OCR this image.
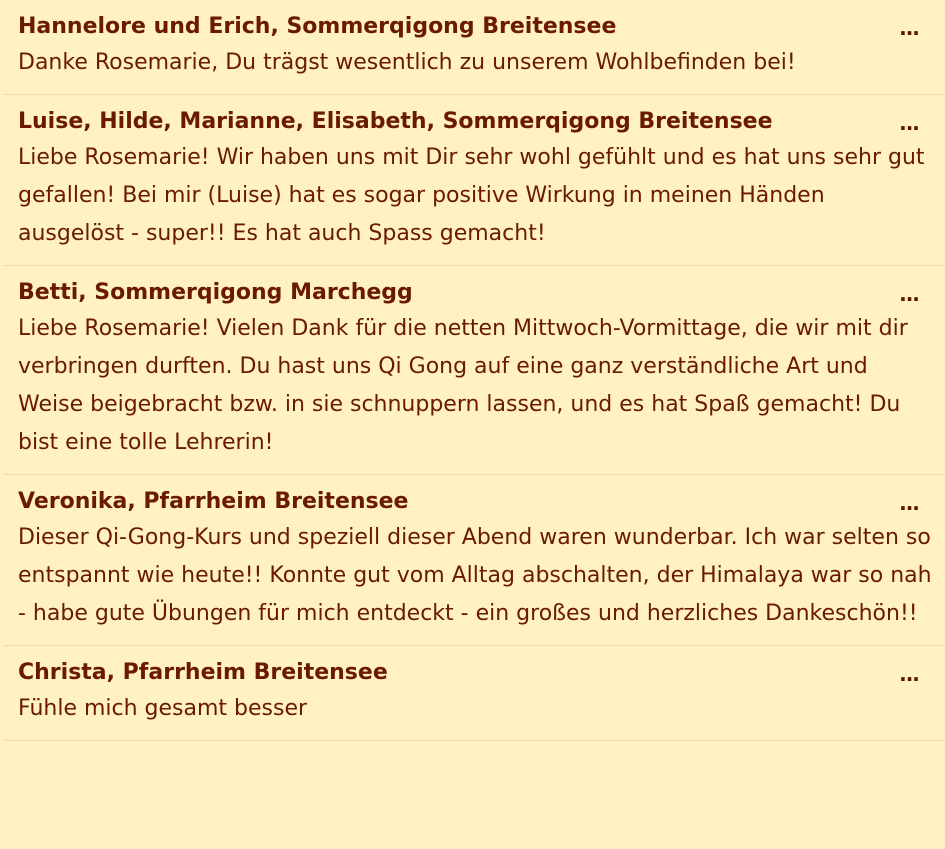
Hannelore und Erich, Sommerqigong Breitensee
Danke Rosemarie, Du trägst wesentlich zu unserem Wohlbefinden bei!
...
Luise, Hilde, Marianne, Elisabeth, Sommerqigong Breitensee
Liebe Rosemarie! Wir haben uns mit Dir sehr wohl gefühlt und es hat uns sehr gut gefallen! Bei mir (Luise) hat es sogar positive Wirkung in meinen Händen ausgelöst - super!! Es hat auch Spass gemacht!
...
Betti, Sommerqigong Marchegg
Liebe Rosemarie! Vielen Dank für die netten Mittwoch-Vormittage, die wir mit dir verbringen durften. Du hast uns Qi Gong auf eine ganz verständliche Art und Weise beigebracht bzw. in sie schnuppern lassen, und es hat Spaß gemacht! Du bist eine tolle Lehrerin!
...
Veronika, Pfarrheim Breitensee
Dieser Qi-Gong-Kurs und speziell dieser Abend waren wunderbar. Ich war selten so entspannt wie heute!! Konnte gut vom Alltag abschalten, der Himalaya war so nah - habe gute Übungen für mich entdeckt - ein großes und herzliches Dankeschön!!
...
Christa, Pfarrheim Breitensee
Fühle mich gesamt besser
...
